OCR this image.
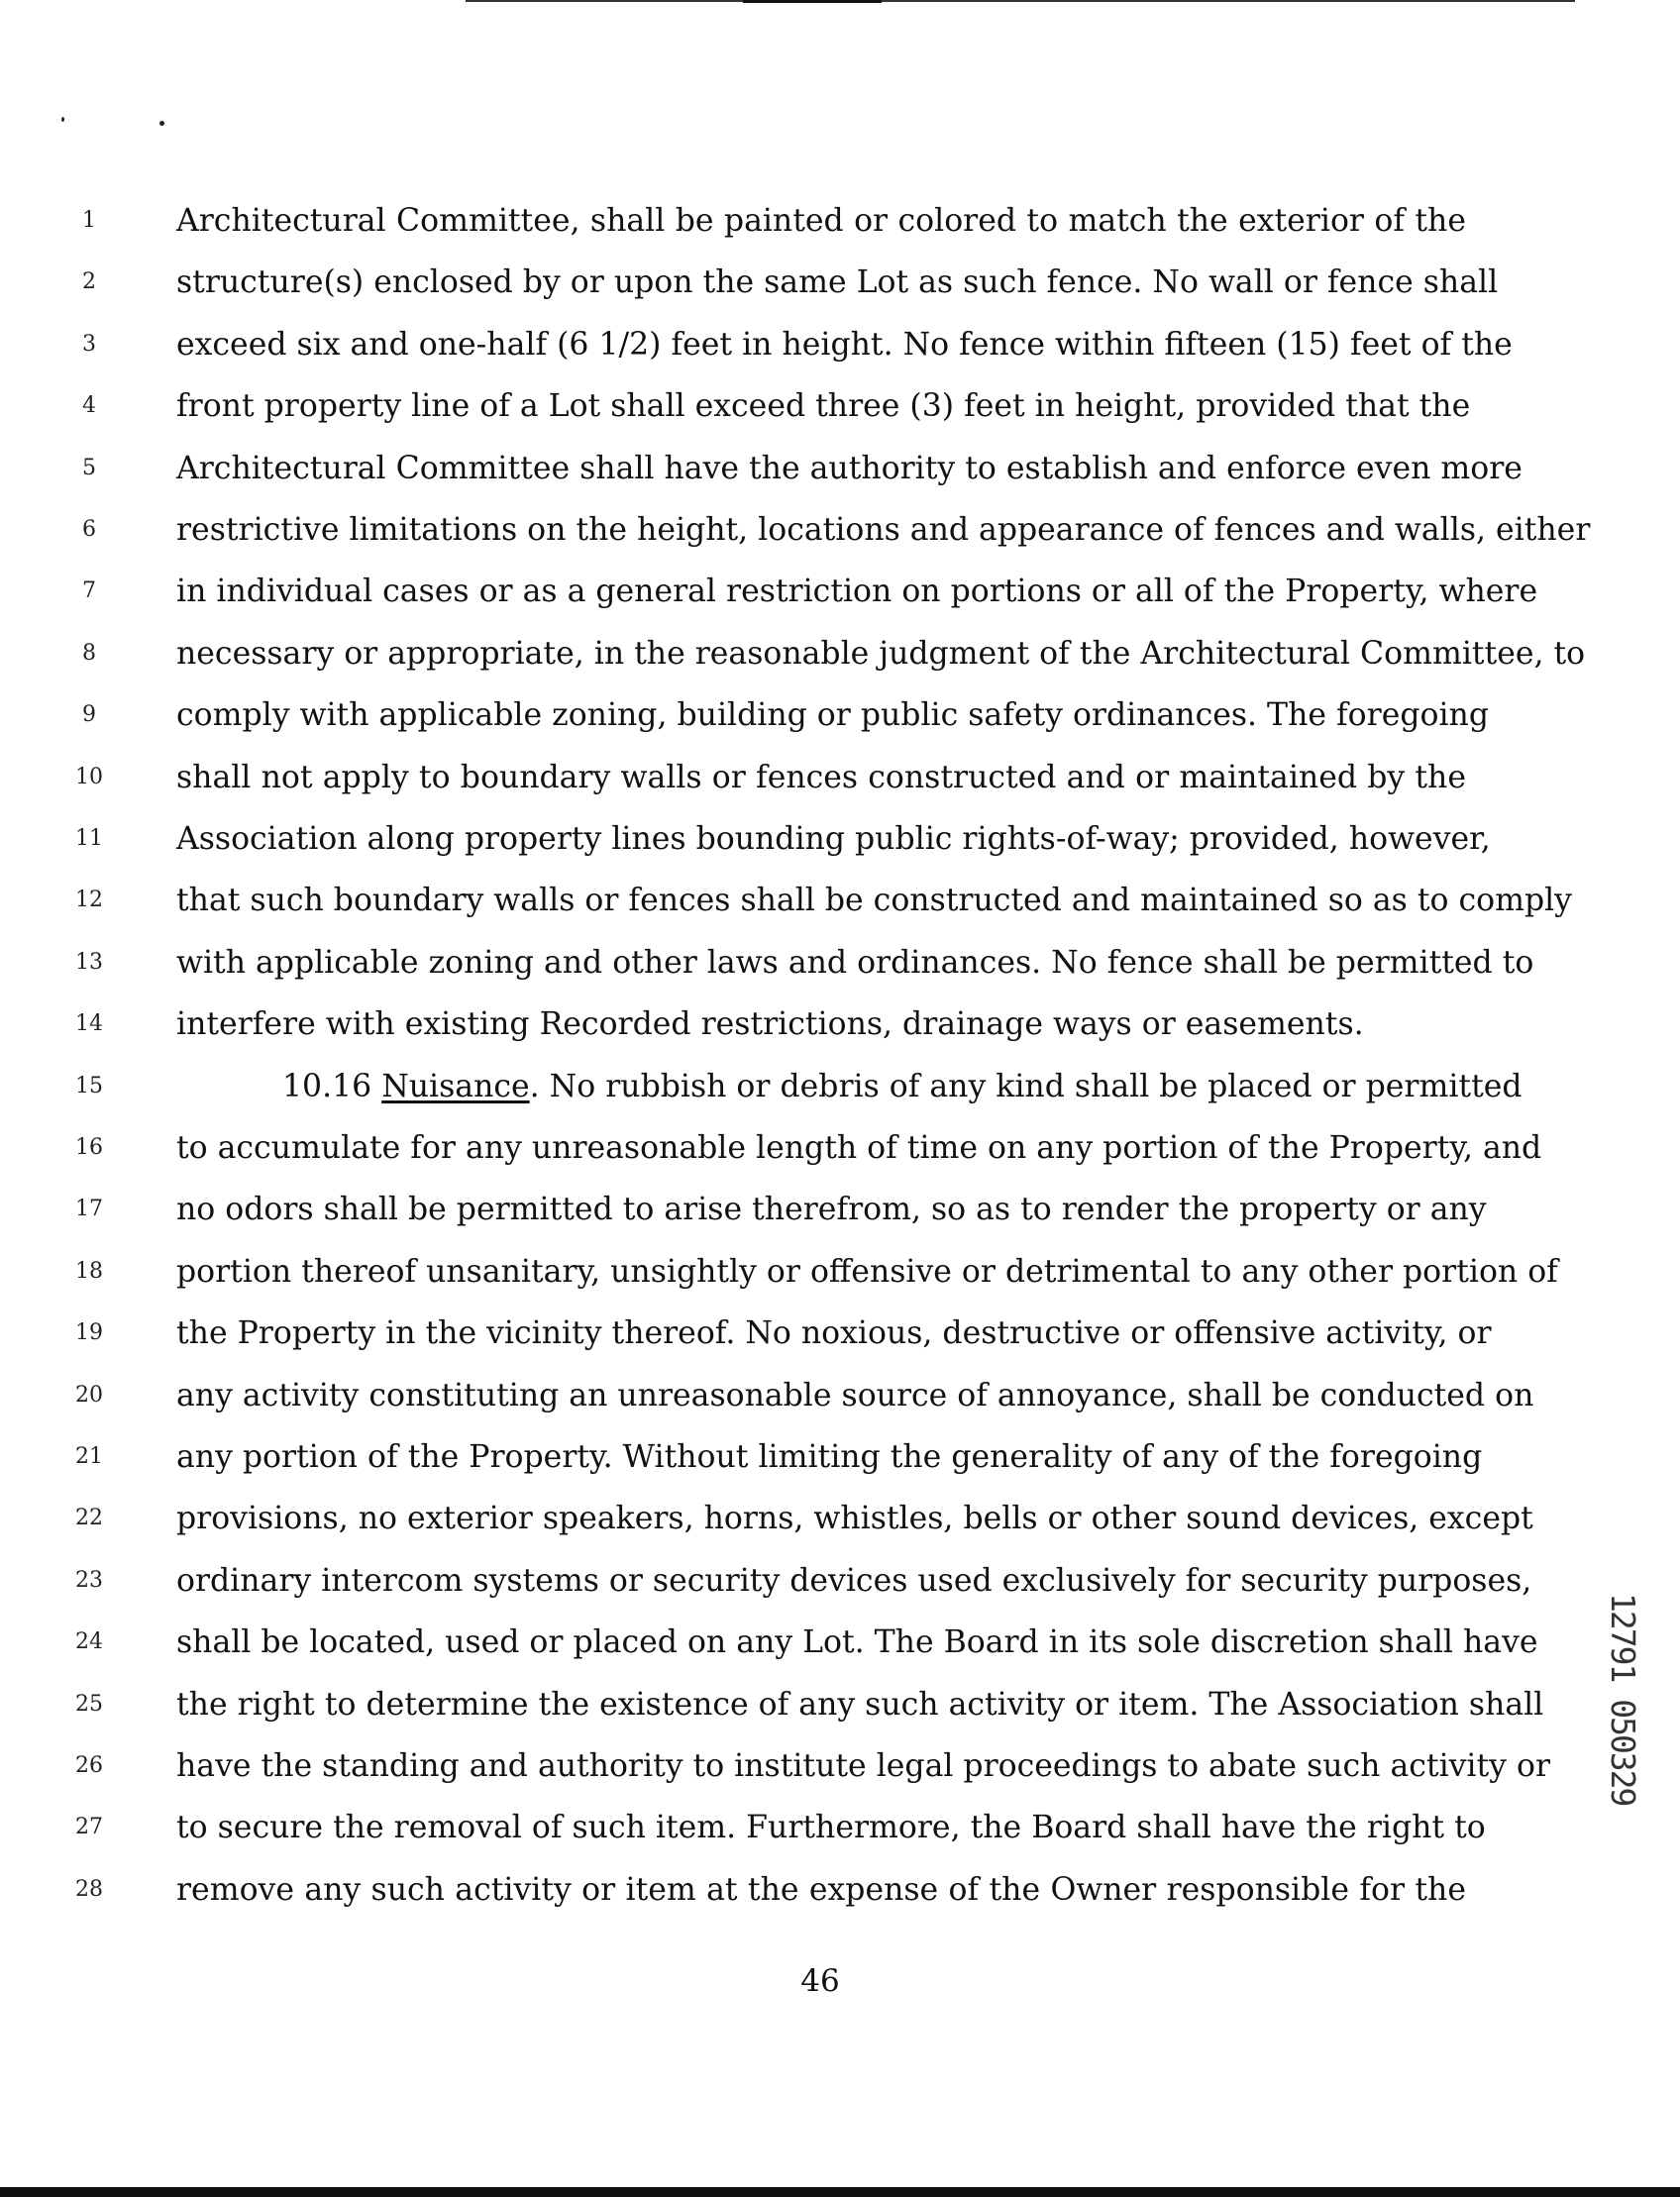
1	Architectural Committee, shall be painted or colored to match the exterior of the
2	structure(s) enclosed by or upon the same Lot as such fence. No wall or fence shall
3	exceed six and one-half (6 1/2) feet in height. No fence within fifteen (15) feet of the
4	front property line of a Lot shall exceed three (3) feet in height, provided that the
5	Architectural Committee shall have the authority to establish and enforce even more
6	restrictive limitations on the height, locations and appearance of fences and walls, either
7	in individual cases or as a general restriction on portions or all of the Property, where
8	necessary or appropriate, in the reasonable judgment of the Architectural Committee, to
9	comply with applicable zoning, building or public safety ordinances. The foregoing
10	shall not apply to boundary walls or fences constructed and or maintained by the
11	Association along property lines bounding public rights-of-way; provided, however,
12	that such boundary walls or fences shall be constructed and maintained so as to comply
13	with applicable zoning and other laws and ordinances. No fence shall be permitted to
14	interfere with existing Recorded restrictions, drainage ways or easements.
15	10.16 Nuisance. No rubbish or debris of any kind shall be placed or permitted
16	to accumulate for any unreasonable length of time on any portion of the Property, and
17	no odors shall be permitted to arise therefrom, so as to render the property or any
18	portion thereof unsanitary, unsightly or offensive or detrimental to any other portion of
19	the Property in the vicinity thereof. No noxious, destructive or offensive activity, or
20	any activity constituting an unreasonable source of annoyance, shall be conducted on
21	any portion of the Property. Without limiting the generality of any of the foregoing
22	provisions, no exterior speakers, horns, whistles, bells or other sound devices, except
23	ordinary intercom systems or security devices used exclusively for security purposes,
24	shall be located, used or placed on any Lot. The Board in its sole discretion shall have
25	the right to determine the existence of any such activity or item. The Association shall
26	have the standing and authority to institute legal proceedings to abate such activity or
27	to secure the removal of such item. Furthermore, the Board shall have the right to
28	remove any such activity or item at the expense of the Owner responsible for the
46
12791 050329
